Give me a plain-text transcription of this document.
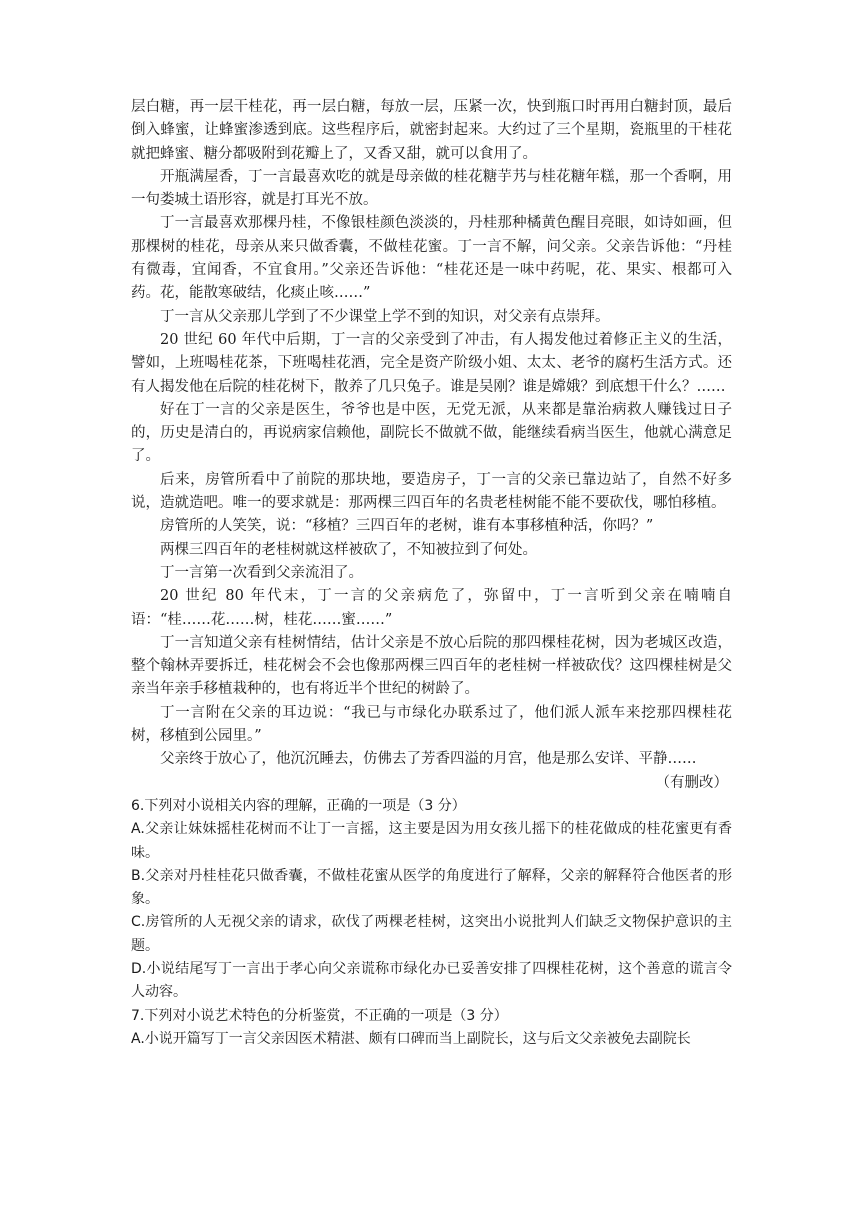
层白糖，再一层干桂花，再一层白糖，每放一层，压紧一次，快到瓶口时再用白糖封顶，最后倒入蜂蜜，让蜂蜜渗透到底。这些程序后，就密封起来。大约过了三个星期，瓷瓶里的干桂花就把蜂蜜、糖分都吸附到花瓣上了，又香又甜，就可以食用了。

开瓶满屋香，丁一言最喜欢吃的就是母亲做的桂花糖芋艿与桂花糖年糕，那一个香啊，用一句娄城土语形容，就是打耳光不放。

丁一言最喜欢那棵丹桂，不像银桂颜色淡淡的，丹桂那种橘黄色醒目亮眼，如诗如画，但那棵树的桂花，母亲从来只做香囊，不做桂花蜜。丁一言不解，问父亲。父亲告诉他：“丹桂有微毒，宜闻香，不宜食用。”父亲还告诉他：“桂花还是一味中药呢，花、果实、根都可入药。花，能散寒破结，化痰止咳……”

丁一言从父亲那儿学到了不少课堂上学不到的知识，对父亲有点崇拜。

20 世纪 60 年代中后期，丁一言的父亲受到了冲击，有人揭发他过着修正主义的生活，譬如，上班喝桂花茶，下班喝桂花酒，完全是资产阶级小姐、太太、老爷的腐朽生活方式。还有人揭发他在后院的桂花树下，散养了几只兔子。谁是吴刚？谁是嫦娥？到底想干什么？……

好在丁一言的父亲是医生，爷爷也是中医，无党无派，从来都是靠治病救人赚钱过日子的，历史是清白的，再说病家信赖他，副院长不做就不做，能继续看病当医生，他就心满意足了。

后来，房管所看中了前院的那块地，要造房子，丁一言的父亲已靠边站了，自然不好多说，造就造吧。唯一的要求就是：那两棵三四百年的名贵老桂树能不能不要砍伐，哪怕移植。

房管所的人笑笑，说：“移植？三四百年的老树，谁有本事移植种活，你吗？”

两棵三四百年的老桂树就这样被砍了，不知被拉到了何处。

丁一言第一次看到父亲流泪了。

20 世纪 80 年代末，丁一言的父亲病危了，弥留中，丁一言听到父亲在喃喃自语：“桂……花……树，桂花……蜜……”

丁一言知道父亲有桂树情结，估计父亲是不放心后院的那四棵桂花树，因为老城区改造，整个翰林弄要拆迁，桂花树会不会也像那两棵三四百年的老桂树一样被砍伐？这四棵桂树是父亲当年亲手移植栽种的，也有将近半个世纪的树龄了。

丁一言附在父亲的耳边说：“我已与市绿化办联系过了，他们派人派车来挖那四棵桂花树，移植到公园里。”

父亲终于放心了，他沉沉睡去，仿佛去了芳香四溢的月宫，他是那么安详、平静……

（有删改）

6.下列对小说相关内容的理解，正确的一项是（3 分）

A.父亲让妹妹摇桂花树而不让丁一言摇，这主要是因为用女孩儿摇下的桂花做成的桂花蜜更有香味。

B.父亲对丹桂桂花只做香囊，不做桂花蜜从医学的角度进行了解释，父亲的解释符合他医者的形象。

C.房管所的人无视父亲的请求，砍伐了两棵老桂树，这突出小说批判人们缺乏文物保护意识的主题。

D.小说结尾写丁一言出于孝心向父亲谎称市绿化办已妥善安排了四棵桂花树，这个善意的谎言令人动容。

7.下列对小说艺术特色的分析鉴赏，不正确的一项是（3 分）

A.小说开篇写丁一言父亲因医术精湛、颇有口碑而当上副院长，这与后文父亲被免去副院长
